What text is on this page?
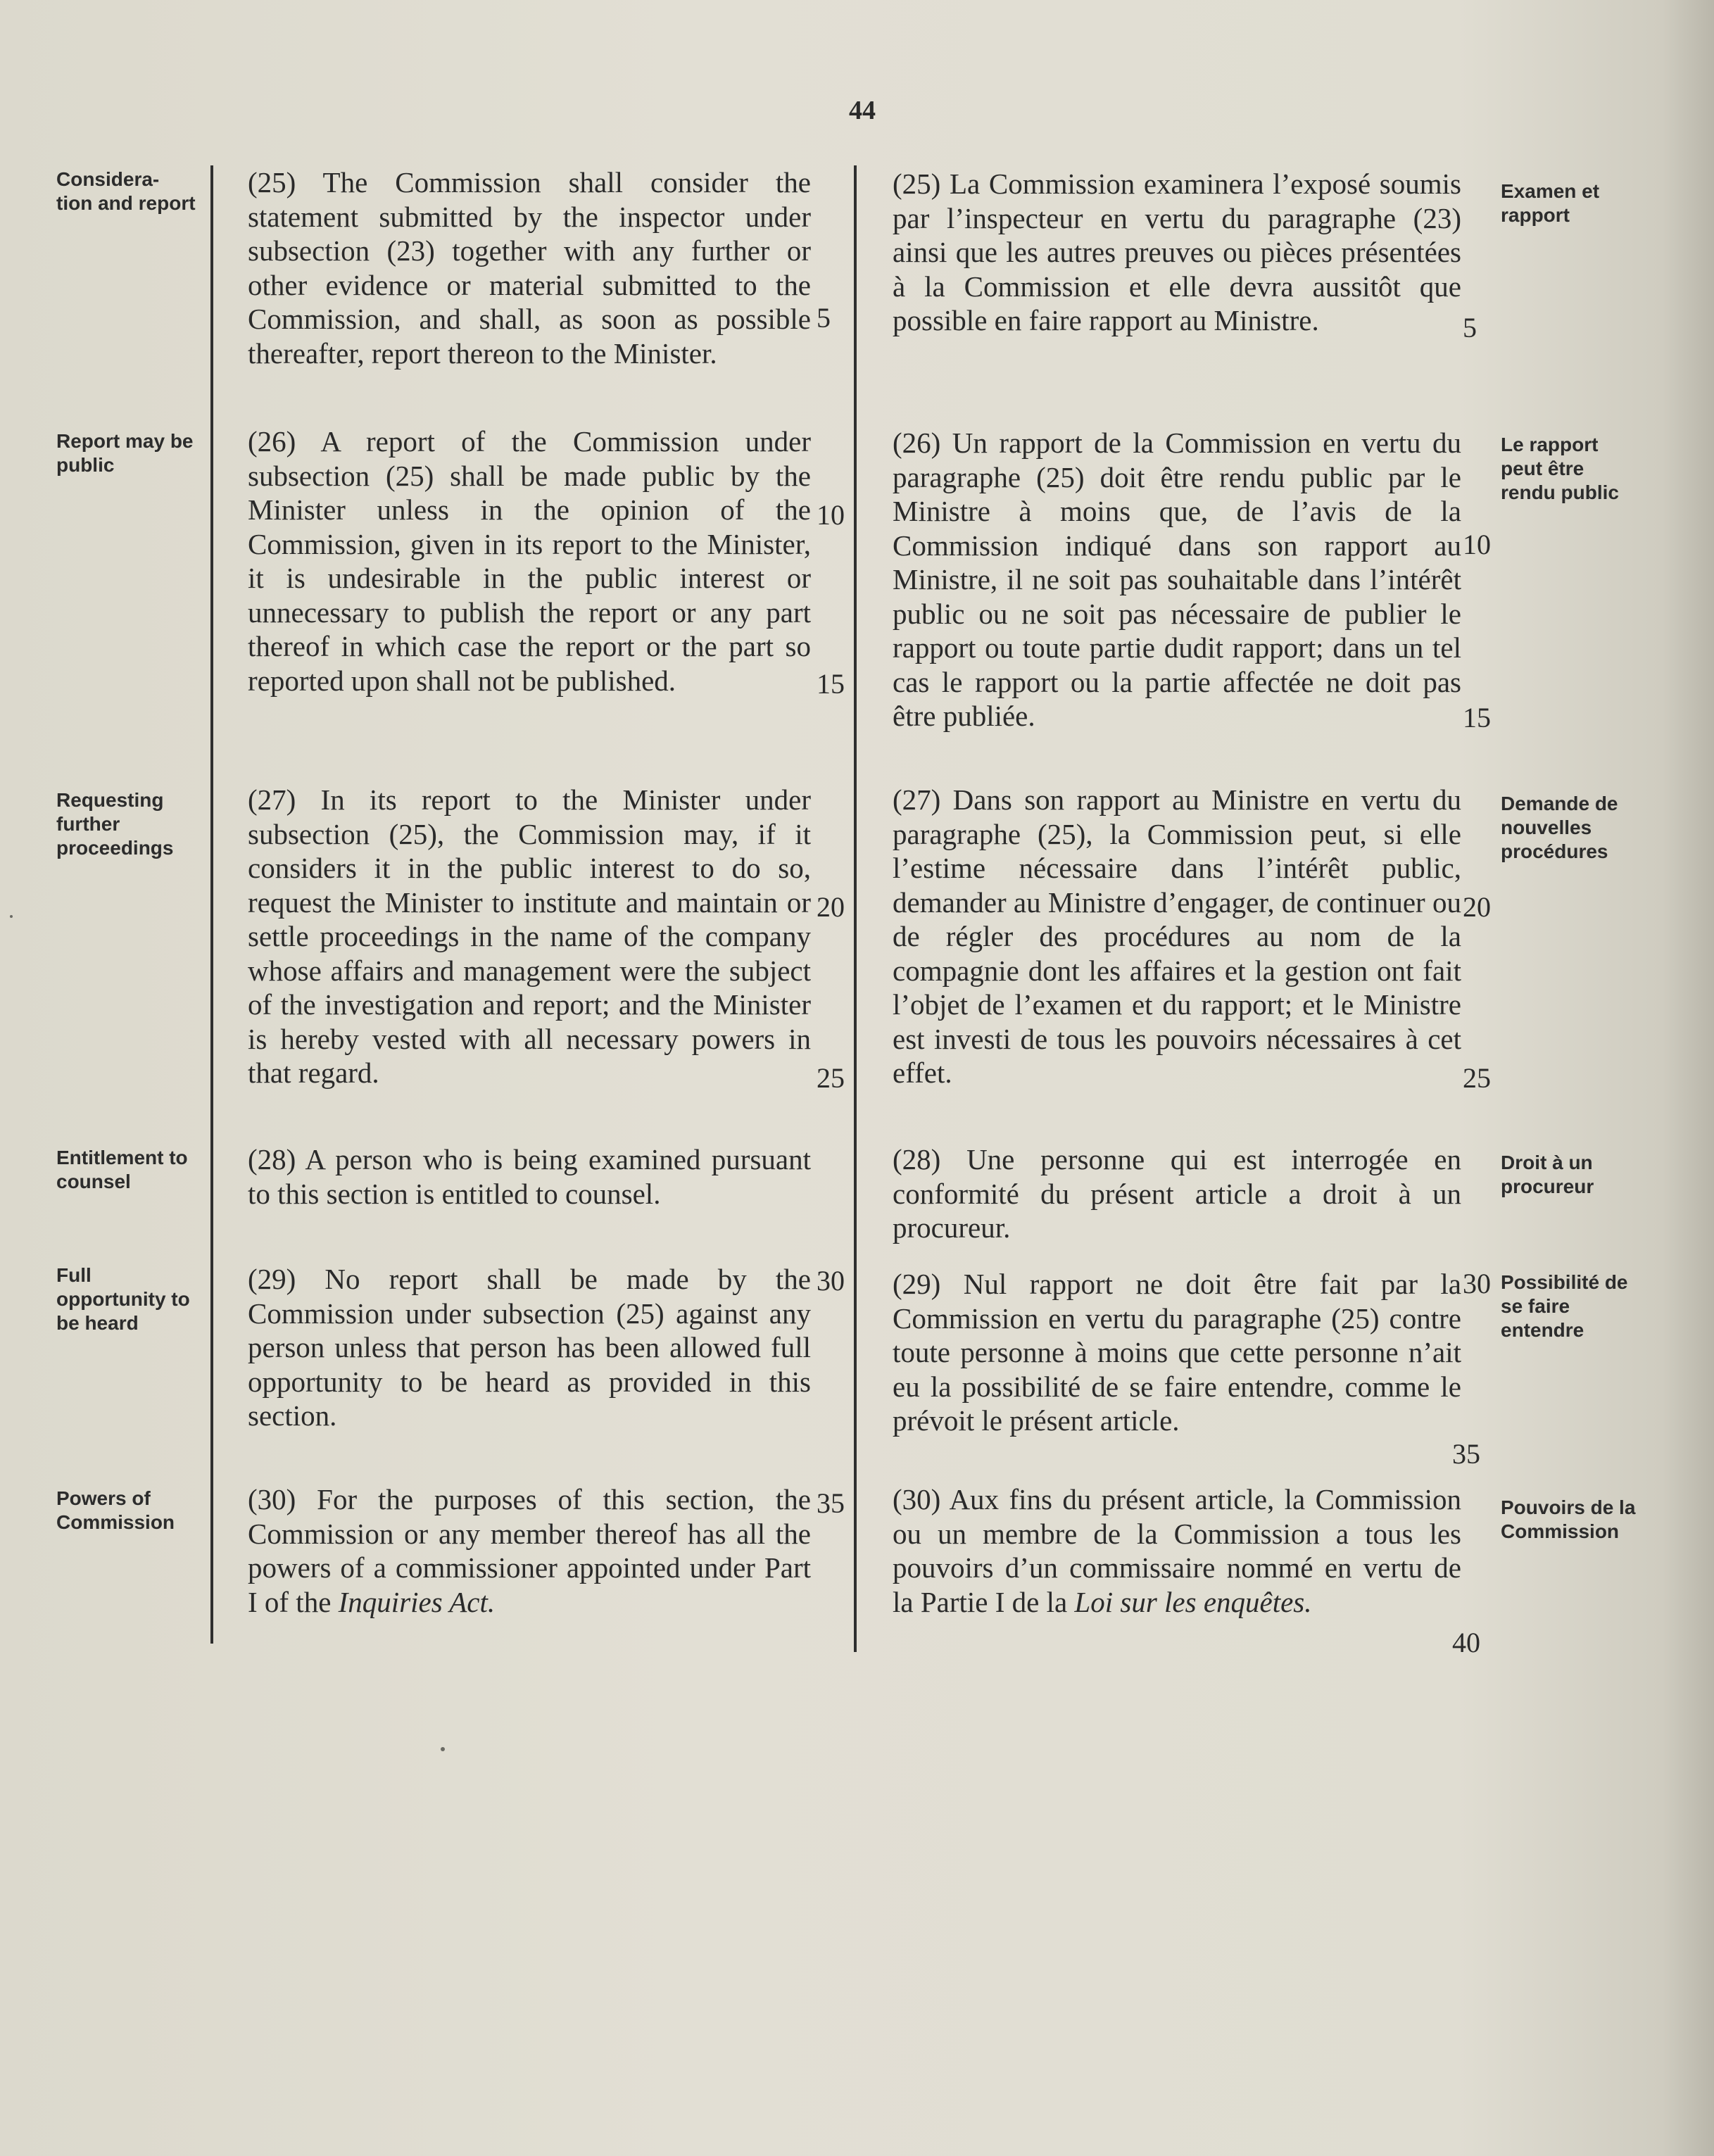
44
Considera- tion and report
(25) The Commission shall consider the statement submitted by the inspector under subsection (23) together with any further or other evidence or material submitted to the Commission, and shall, as soon as possible thereafter, report thereon to the Minister.
Examen et rapport
(25) La Commission examinera l’exposé soumis par l’inspecteur en vertu du paragraphe (23) ainsi que les autres preuves ou pièces présentées à la Commission et elle devra aussitôt que possible en faire rapport au Ministre.
Report may be public
(26) A report of the Commission under subsection (25) shall be made public by the Minister unless in the opinion of the Commission, given in its report to the Minister, it is undesirable in the public interest or unnecessary to publish the report or any part thereof in which case the report or the part so reported upon shall not be published.
Le rapport peut être rendu public
(26) Un rapport de la Commission en vertu du paragraphe (25) doit être rendu public par le Ministre à moins que, de l’avis de la Commission indiqué dans son rapport au Ministre, il ne soit pas souhaitable dans l’intérêt public ou ne soit pas nécessaire de publier le rapport ou toute partie dudit rapport; dans un tel cas le rapport ou la partie affectée ne doit pas être publiée.
Requesting further proceedings
(27) In its report to the Minister under subsection (25), the Commission may, if it considers it in the public interest to do so, request the Minister to institute and maintain or settle proceedings in the name of the company whose affairs and management were the subject of the investigation and report; and the Minister is hereby vested with all necessary powers in that regard.
Demande de nouvelles procédures
(27) Dans son rapport au Ministre en vertu du paragraphe (25), la Commission peut, si elle l’estime nécessaire dans l’intérêt public, demander au Ministre d’engager, de continuer ou de régler des procédures au nom de la compagnie dont les affaires et la gestion ont fait l’objet de l’examen et du rapport; et le Ministre est investi de tous les pouvoirs nécessaires à cet effet.
Entitlement to counsel
(28) A person who is being examined pursuant to this section is entitled to counsel.
Droit à un procureur
(28) Une personne qui est interrogée en conformité du présent article a droit à un procureur.
Full opportunity to be heard
(29) No report shall be made by the Commission under subsection (25) against any person unless that person has been allowed full opportunity to be heard as provided in this section.
Possibilité de se faire entendre
(29) Nul rapport ne doit être fait par la Commission en vertu du paragraphe (25) contre toute personne à moins que cette personne n’ait eu la possibilité de se faire entendre, comme le prévoit le présent article.
Powers of Commission
(30) For the purposes of this section, the Commission or any member thereof has all the powers of a commissioner appointed under Part I of the Inquiries Act.
Pouvoirs de la Commission
(30) Aux fins du présent article, la Commission ou un membre de la Commission a tous les pouvoirs d’un commissaire nommé en vertu de la Partie I de la Loi sur les enquêtes.
5
10
15
20
25
30
35
5
10
15
20
25
30
35
40
